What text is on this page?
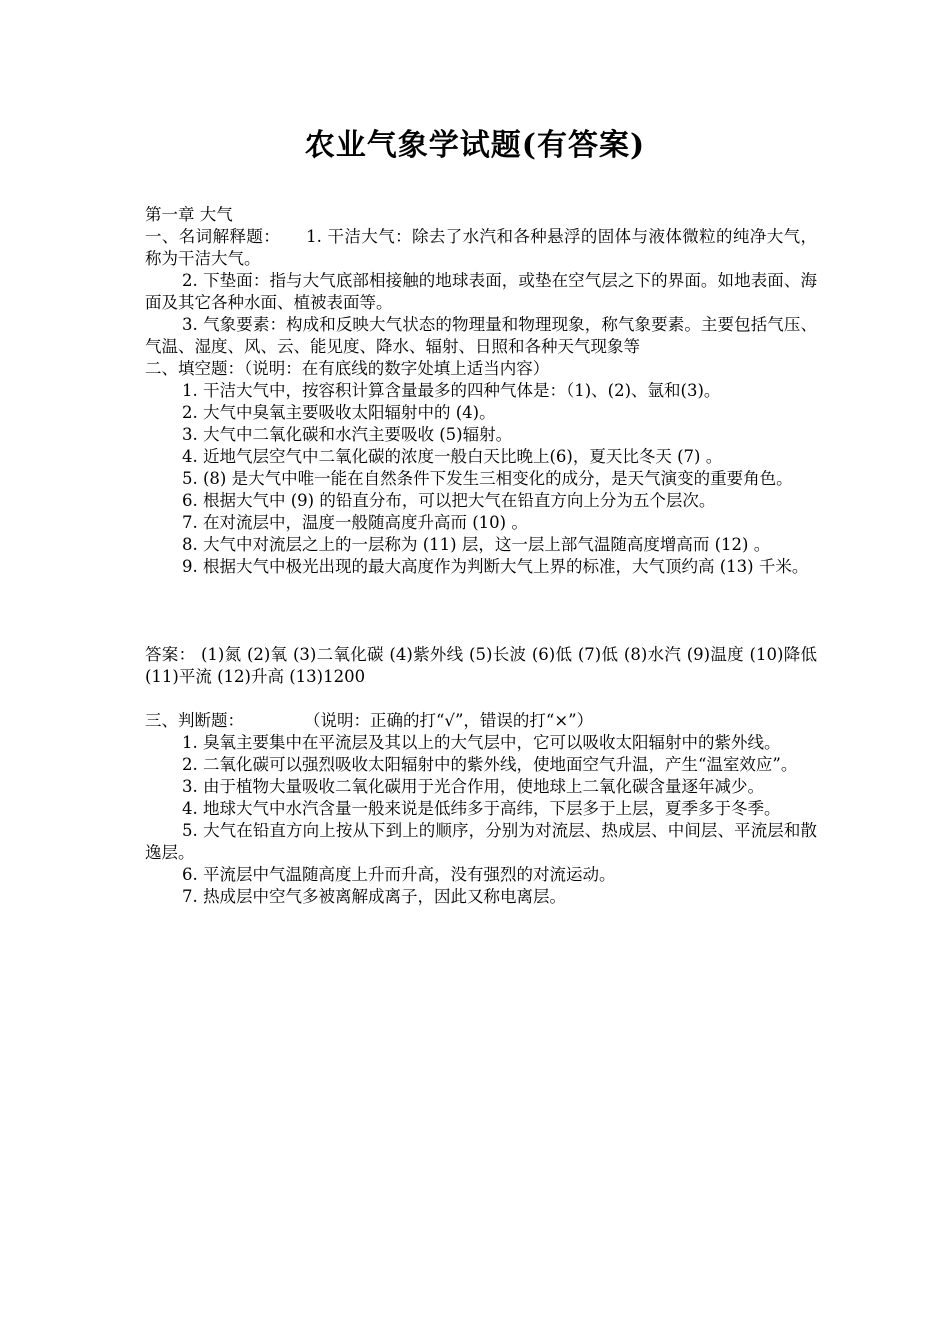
农业气象学试题(有答案)

第一章 大气

一、名词解释题： 1. 干洁大气：除去了水汽和各种悬浮的固体与液体微粒的纯净大气，称为干洁大气。

2. 下垫面：指与大气底部相接触的地球表面，或垫在空气层之下的界面。如地表面、海面及其它各种水面、植被表面等。

3. 气象要素：构成和反映大气状态的物理量和物理现象，称气象要素。主要包括气压、气温、湿度、风、云、能见度、降水、辐射、日照和各种天气现象等

二、填空题：（说明：在有底线的数字处填上适当内容）

1. 干洁大气中，按容积计算含量最多的四种气体是：（1)、(2)、氩和(3)。

2. 大气中臭氧主要吸收太阳辐射中的 (4)。

3. 大气中二氧化碳和水汽主要吸收 (5)辐射。

4. 近地气层空气中二氧化碳的浓度一般白天比晚上(6)，夏天比冬天 (7) 。

5. (8) 是大气中唯一能在自然条件下发生三相变化的成分，是天气演变的重要角色。

6. 根据大气中 (9) 的铅直分布，可以把大气在铅直方向上分为五个层次。

7. 在对流层中，温度一般随高度升高而 (10) 。

8. 大气中对流层之上的一层称为 (11) 层，这一层上部气温随高度增高而 (12) 。

9. 根据大气中极光出现的最大高度作为判断大气上界的标准，大气顶约高 (13) 千米。

答案： (1)氮 (2)氧 (3)二氧化碳 (4)紫外线 (5)长波 (6)低 (7)低 (8)水汽 (9)温度 (10)降低 (11)平流 (12)升高 (13)1200

三、判断题：	（说明：正确的打“√”，错误的打“×”）

1. 臭氧主要集中在平流层及其以上的大气层中，它可以吸收太阳辐射中的紫外线。

2. 二氧化碳可以强烈吸收太阳辐射中的紫外线，使地面空气升温，产生“温室效应”。

3. 由于植物大量吸收二氧化碳用于光合作用，使地球上二氧化碳含量逐年减少。

4. 地球大气中水汽含量一般来说是低纬多于高纬，下层多于上层，夏季多于冬季。

5. 大气在铅直方向上按从下到上的顺序，分别为对流层、热成层、中间层、平流层和散逸层。

6. 平流层中气温随高度上升而升高，没有强烈的对流运动。

7. 热成层中空气多被离解成离子，因此又称电离层。
